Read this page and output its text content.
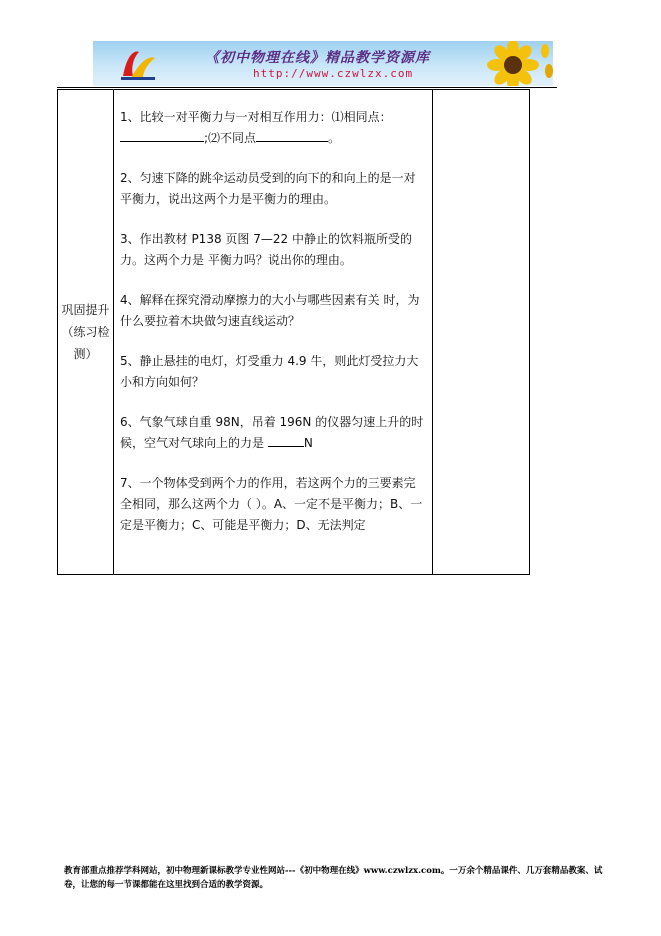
《初中物理在线》精品教学资源库
http://www.czwlzx.com
巩固提升（练习检测）

1、比较一对平衡力与一对相互作用力：⑴相同点：;⑵不同点	。

2、匀速下降的跳伞运动员受到的向下的和向上的是一对平衡力，说出这两个力是平衡力的理由。

3、作出教材 P138 页图 7—22 中静止的饮料瓶所受的力。这两个力是 平衡力吗？说出你的理由。

4、解释在探究滑动摩擦力的大小与哪些因素有关 时，为什么要拉着木块做匀速直线运动？

5、静止悬挂的电灯，灯受重力 4.9 牛，则此灯受拉力大小和方向如何？

6、气象气球自重 98N，吊着 196N 的仪器匀速上升的时候，空气对气球向上的力是	N

7、一个物体受到两个力的作用，若这两个力的三要素完全相同，那么这两个力（ ）。A、一定不是平衡力；B、一定是平衡力；C、可能是平衡力；D、无法判定

教育部重点推荐学科网站，初中物理新课标教学专业性网站---《初中物理在线》www.czwlzx.com。一万余个精品课件、几万套精品教案、试卷，让您的每一节课都能在这里找到合适的教学资源。
